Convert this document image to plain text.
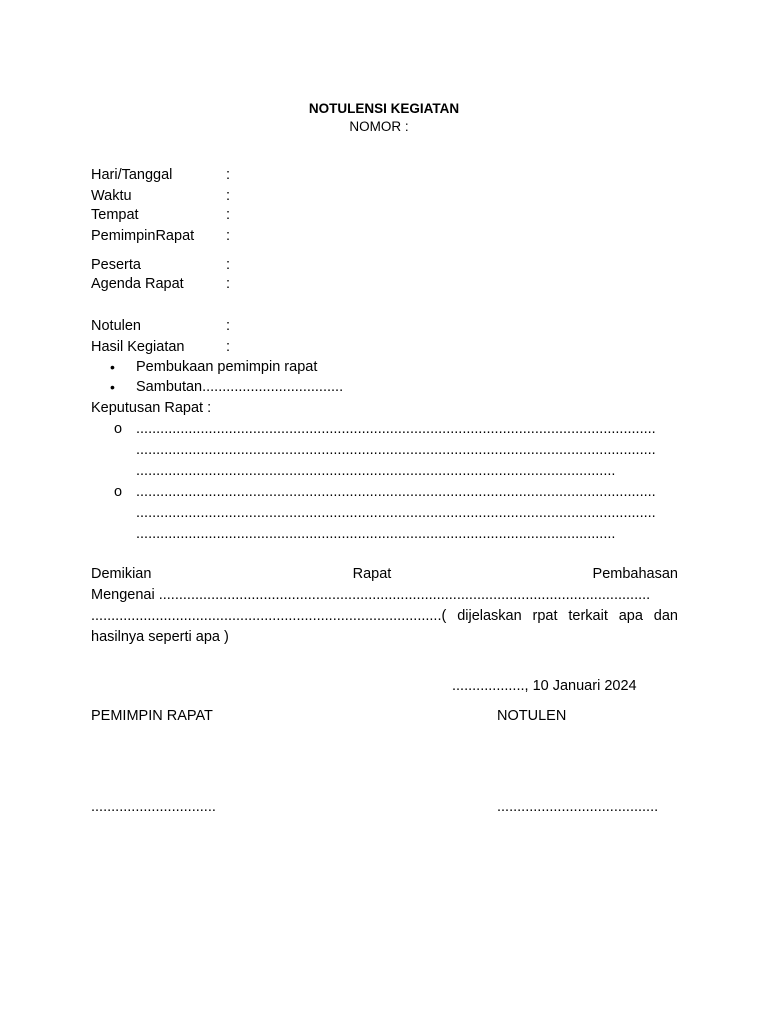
NOTULENSI KEGIATAN
NOMOR :
Hari/Tanggal	:
Waktu	:
Tempat	:
PemimpinRapat :
Peserta	:
Agenda Rapat	:
Notulen	:
Hasil Kegiatan	:
• Pembukaan pemimpin rapat
• Sambutan...................................
Keputusan Rapat :
o .................................................................................................................................
.................................................................................................................................
.......................................................................................................................
o .................................................................................................................................
.................................................................................................................................
.......................................................................................................................
Demikian	Rapat	Pembahasan
Mengenai ..........................................................................................................................
....................................................................................... ( dijelaskan rpat terkait apa dan
hasilnya seperti apa )
.................., 10 Januari 2024
PEMIMPIN RAPAT	NOTULEN
...............................	........................................
